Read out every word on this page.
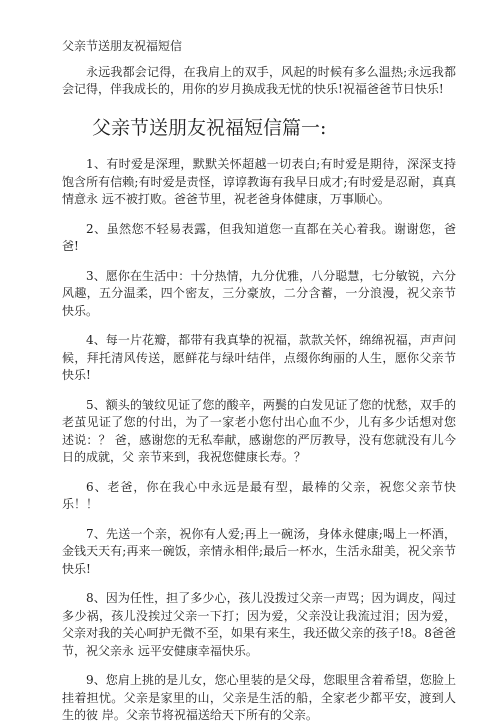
父亲节送朋友祝福短信

永远我都会记得，在我肩上的双手，风起的时候有多么温热;永远我都会记得，伴我成长的，用你的岁月换成我无忧的快乐!祝福爸爸节日快乐!

父亲节送朋友祝福短信篇一:

1、有时爱是深理，默默关怀超越一切表白;有时爱是期待，深深支持饱含所有信赖;有时爱是责怪，谆谆教诲有我早日成才;有时爱是忍耐，真真情意永 远不被打败。爸爸节里，祝老爸身体健康，万事顺心。

2、虽然您不轻易表露，但我知道您一直都在关心着我。谢谢您，爸爸!

3、愿你在生活中：十分热情，九分优雅，八分聪慧，七分敏锐，六分风趣，五分温柔，四个密友，三分豪放，二分含蓄，一分浪漫，祝父亲节快乐。

4、每一片花瓣，都带有我真挚的祝福，款款关怀，绵绵祝福，声声问候，拜托清风传送，愿鲜花与绿叶结伴，点缀你绚丽的人生，愿你父亲节快乐!

5、额头的皱纹见证了您的酸辛，两鬓的白发见证了您的忧愁，双手的老茧见证了您的付出，为了一家老小您付出心血不少，儿有多少话想对您述说：？ 爸，感谢您的无私奉献，感谢您的严厉教导，没有您就没有儿今日的成就，父 亲节来到，我祝您健康长寿。？

6、老爸，你在我心中永远是最有型，最棒的父亲，祝您父亲节快乐！！

7、先送一个亲，祝你有人爱;再上一碗汤，身体永健康;喝上一杯酒，金钱天天有;再来一碗饭，亲情永相伴;最后一杯水，生活永甜美，祝父亲节快乐!

8、因为任性，担了多少心，孩儿没拨过父亲一声骂；因为调皮，闯过多少祸，孩儿没挨过父亲一下打；因为爱，父亲没让我流过泪；因为爱，父亲对我的关心呵护无微不至，如果有来生，我还做父亲的孩子!8。8爸爸节，祝父亲永 远平安健康幸福快乐。

9、您肩上挑的是儿女，您心里装的是父母，您眼里含着希望，您脸上挂着担忧。父亲是家里的山，父亲是生活的船，全家老少都平安，渡到人生的彼 岸。父亲节将祝福送给天下所有的父亲。
